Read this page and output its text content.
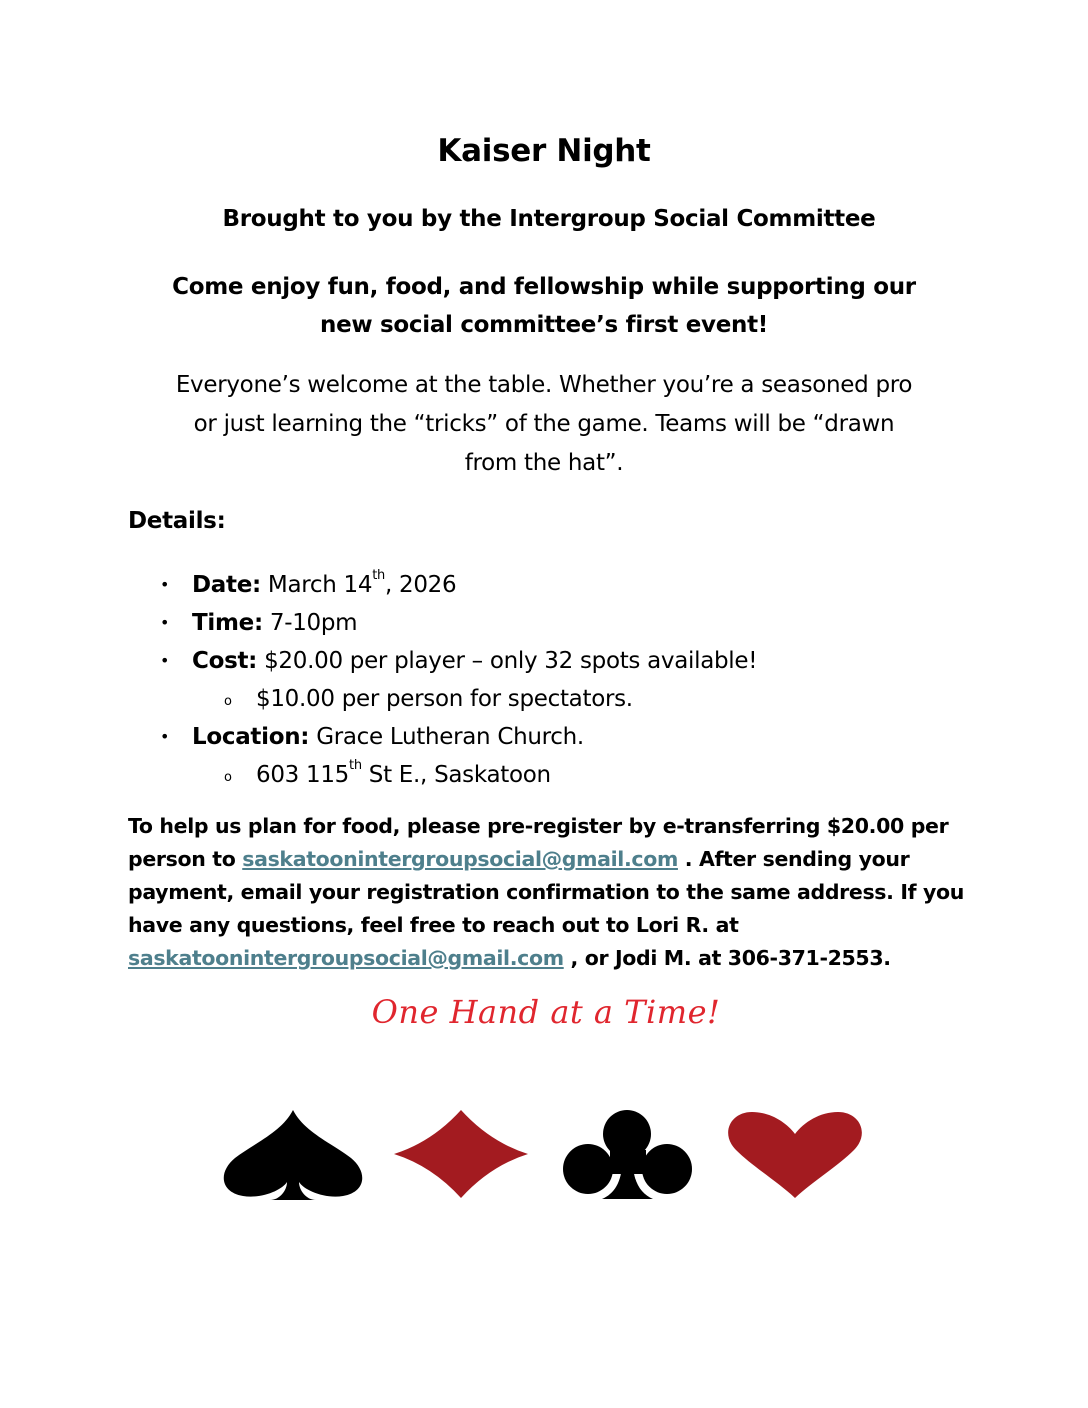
Kaiser Night
Brought to you by the Intergroup Social Committee
Come enjoy fun, food, and fellowship while supporting our
new social committee’s first event!
Everyone’s welcome at the table. Whether you’re a seasoned pro
or just learning the “tricks” of the game. Teams will be “drawn
from the hat”.
Details:
• Date: March 14th, 2026
• Time: 7-10pm
• Cost: $20.00 per player – only 32 spots available!
o $10.00 per person for spectators.
• Location: Grace Lutheran Church.
o 603 115th St E., Saskatoon
To help us plan for food, please pre-register by e-transferring $20.00 per person to saskatoonintergroupsocial@gmail.com . After sending your payment, email your registration confirmation to the same address. If you have any questions, feel free to reach out to Lori R. at saskatoonintergroupsocial@gmail.com , or Jodi M. at 306-371-2553.
One Hand at a Time!
